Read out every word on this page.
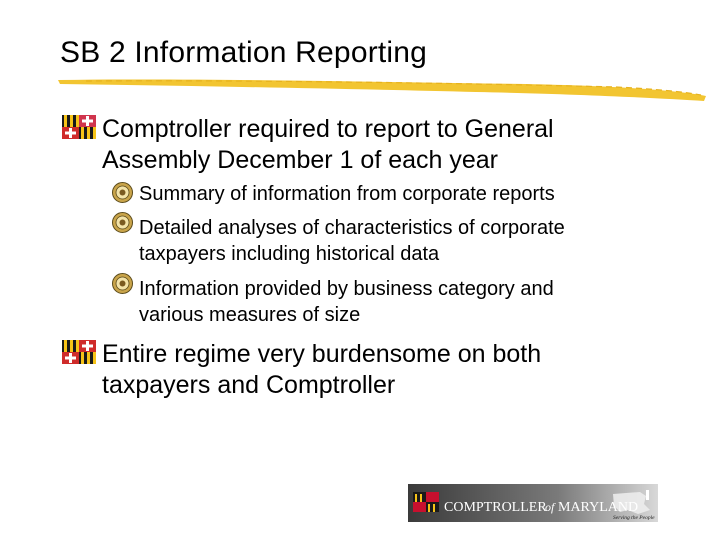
SB 2 Information Reporting
Comptroller required to report to General
Assembly December 1 of each year
Summary of information from corporate reports
Detailed analyses of characteristics of corporate
taxpayers including historical data
Information provided by business category and
various measures of size
Entire regime very burdensome on both
taxpayers and Comptroller
COMPTROLLER
of MARYLAND
Serving the People
